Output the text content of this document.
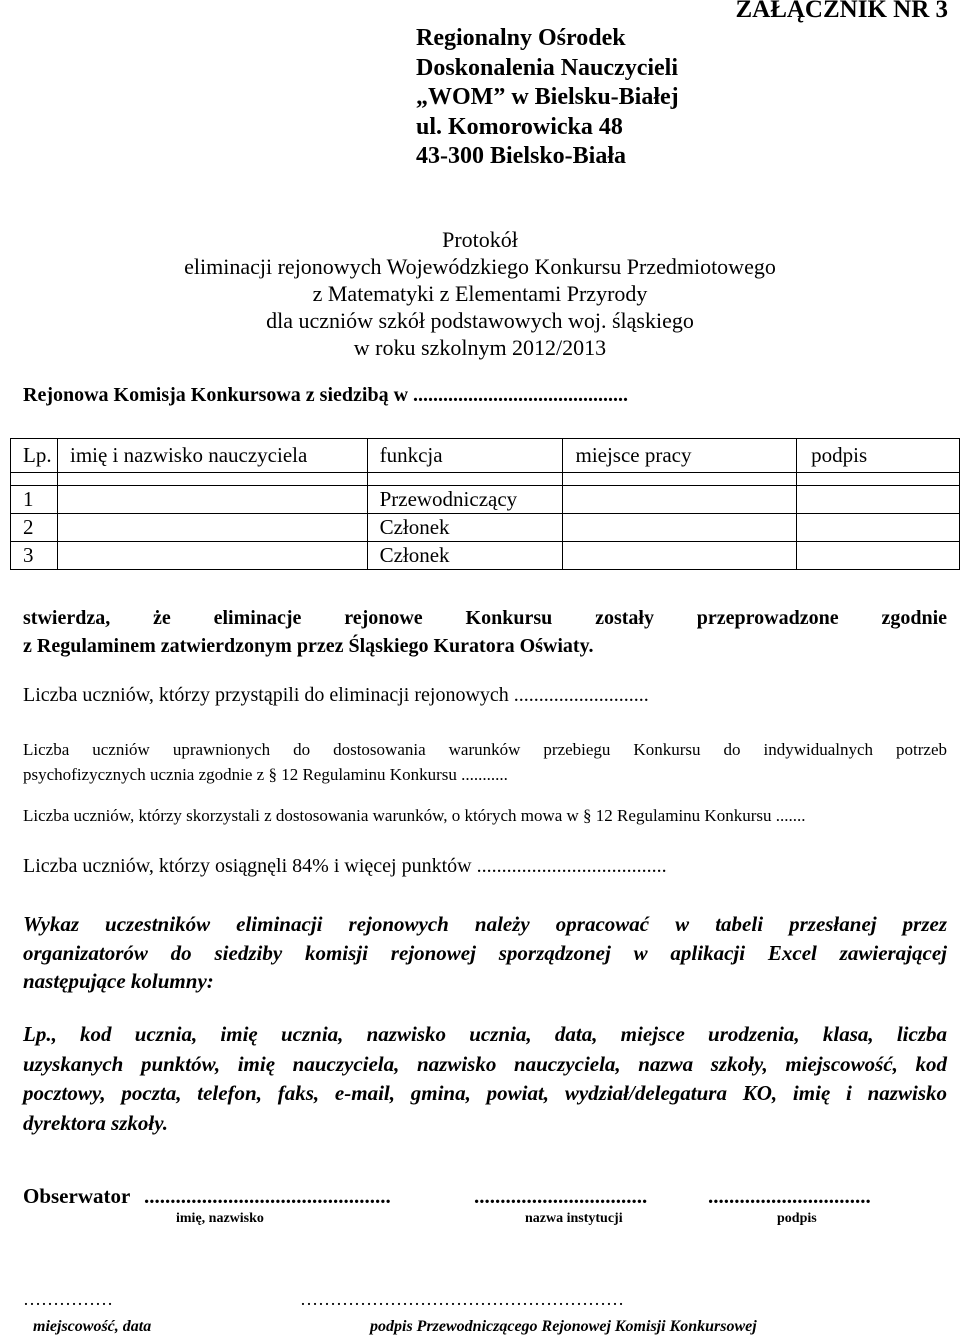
ZAŁĄCZNIK NR 3
Regionalny Ośrodek
Doskonalenia Nauczycieli
„WOM” w Bielsku-Białej
ul. Komorowicka 48
43-300 Bielsko-Biała
Protokół
eliminacji rejonowych Wojewódzkiego Konkursu Przedmiotowego
z Matematyki z Elementami Przyrody
dla uczniów szkół podstawowych woj. śląskiego
w roku szkolnym 2012/2013
Rejonowa Komisja Konkursowa z siedzibą w ...........................................
Lp.	imię i nazwisko nauczyciela	funkcja	miejsce pracy	podpis

1		Przewodniczący		
2		Członek		
3		Członek		
stwierdza, że eliminacje rejonowe Konkursu zostały przeprowadzone zgodnie
z Regulaminem zatwierdzonym przez Śląskiego Kuratora Oświaty.
Liczba uczniów, którzy przystąpili do eliminacji rejonowych ...........................
Liczba uczniów uprawnionych do dostosowania warunków przebiegu Konkursu do indywidualnych potrzeb
psychofizycznych ucznia zgodnie z § 12 Regulaminu Konkursu ...........
Liczba uczniów, którzy skorzystali z dostosowania warunków, o których mowa w § 12 Regulaminu Konkursu .......
Liczba uczniów, którzy osiągnęli 84% i więcej punktów ......................................
Wykaz uczestników eliminacji rejonowych należy opracować w tabeli przesłanej przez
organizatorów do siedziby komisji rejonowej sporządzonej w aplikacji Excel zawierającej
następujące kolumny:
Lp., kod ucznia, imię ucznia, nazwisko ucznia, data, miejsce urodzenia, klasa, liczba
uzyskanych punktów, imię nauczyciela, nazwisko nauczyciela, nazwa szkoły, miejscowość, kod
pocztowy, poczta, telefon, faks, e-mail, gmina, powiat, wydział/delegatura KO, imię i nazwisko
dyrektora szkoły.
Obserwator ...............................................	.................................	...............................
imię, nazwisko	nazwa instytucji	podpis
……………	………………………………………………
miejscowość, data	podpis Przewodniczącego Rejonowej Komisji Konkursowej
